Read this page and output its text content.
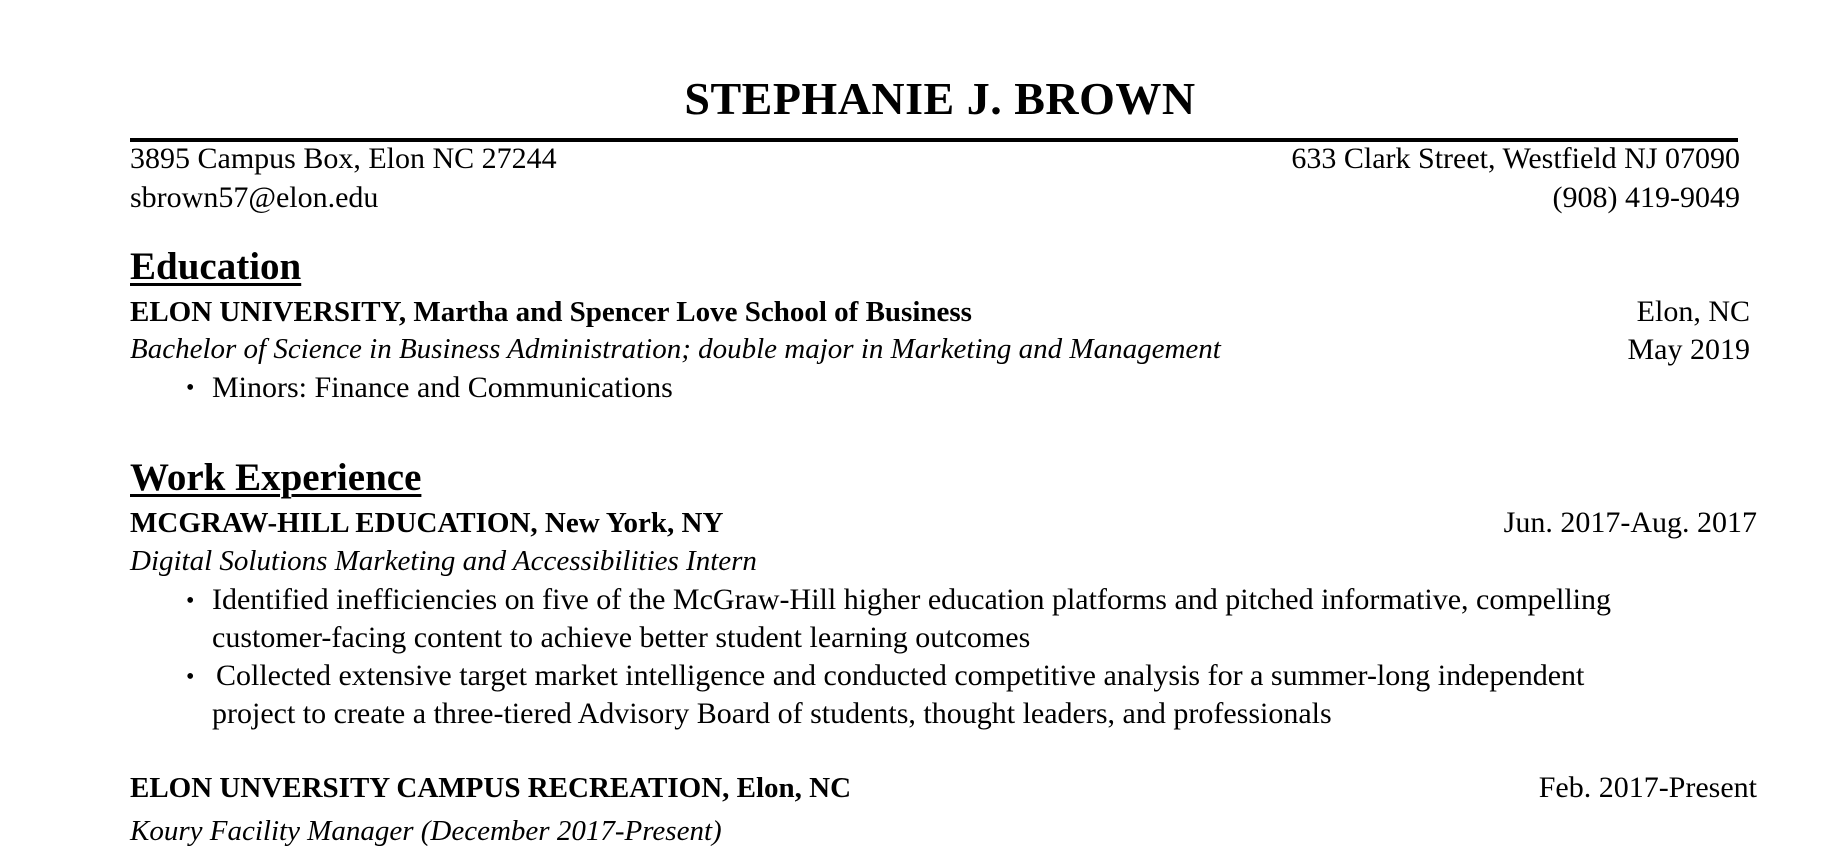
STEPHANIE J. BROWN
3895 Campus Box, Elon NC 27244
sbrown57@elon.edu
633 Clark Street, Westfield NJ 07090
(908) 419-9049
Education
ELON UNIVERSITY, Martha and Spencer Love School of Business	Elon, NC
Bachelor of Science in Business Administration; double major in Marketing and Management	May 2019
• Minors: Finance and Communications
Work Experience
MCGRAW-HILL EDUCATION, New York, NY	Jun. 2017-Aug. 2017
Digital Solutions Marketing and Accessibilities Intern
• Identified inefficiencies on five of the McGraw-Hill higher education platforms and pitched informative, compelling
customer-facing content to achieve better student learning outcomes
• Collected extensive target market intelligence and conducted competitive analysis for a summer-long independent
project to create a three-tiered Advisory Board of students, thought leaders, and professionals
ELON UNVERSITY CAMPUS RECREATION, Elon, NC	Feb. 2017-Present
Koury Facility Manager (December 2017-Present)
